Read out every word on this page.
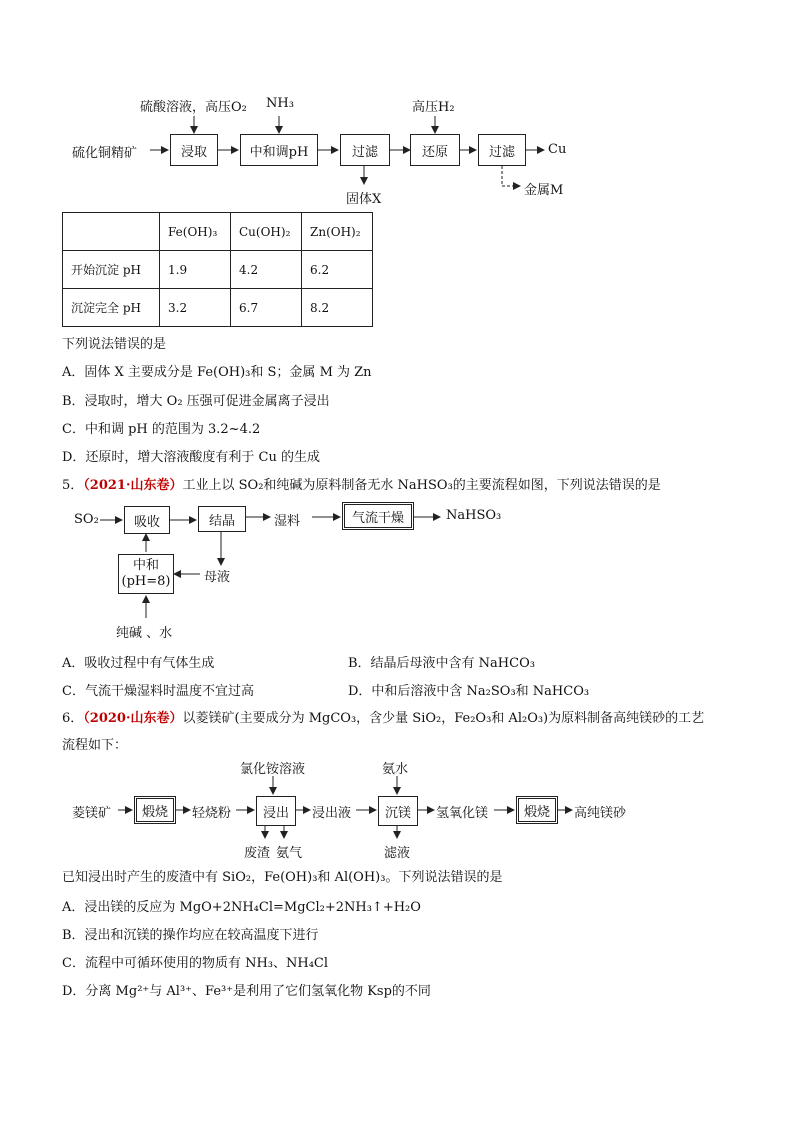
硫化铜精矿
硫酸溶液，高压O₂ NH₃	高压H₂
浸取	中和调pH	过滤	还原	过滤	Cu
固体X
金属M
	Fe(OH)₃	Cu(OH)₂	Zn(OH)₂
开始沉淀 pH	1.9	4.2	6.2
沉淀完全 pH	3.2	6.7	8.2
下列说法错误的是
A．固体 X 主要成分是 Fe(OH)₃和 S；金属 M 为 Zn
B．浸取时，增大 O₂ 压强可促进金属离子浸出
C．中和调 pH 的范围为 3.2~4.2
D．还原时，增大溶液酸度有利于 Cu 的生成
5．（2021·山东卷）工业上以 SO₂和纯碱为原料制备无水 NaHSO₃的主要流程如图，下列说法错误的是
SO₂	吸收	结晶	湿料	气流干燥	NaHSO₃
中和
(pH=8)	母液
纯碱 、水
A．吸收过程中有气体生成	B．结晶后母液中含有 NaHCO₃
C．气流干燥湿料时温度不宜过高	D．中和后溶液中含 Na₂SO₃和 NaHCO₃
6．（2020·山东卷）以菱镁矿(主要成分为 MgCO₃，含少量 SiO₂，Fe₂O₃和 Al₂O₃)为原料制备高纯镁砂的工艺
流程如下：
菱镁矿	煅烧	轻烧粉
氯化铵溶液
浸出	浸出液
氨水
沉镁	氢氧化镁	煅烧	高纯镁砂
废渣 氨气	滤液
已知浸出时产生的废渣中有 SiO₂，Fe(OH)₃和 Al(OH)₃。下列说法错误的是
A．浸出镁的反应为 MgO+2NH₄Cl=MgCl₂+2NH₃↑+H₂O
B．浸出和沉镁的操作均应在较高温度下进行
C．流程中可循环使用的物质有 NH₃、NH₄Cl
D．分离 Mg²⁺与 Al³⁺、Fe³⁺是利用了它们氢氧化物 Ksp的不同
